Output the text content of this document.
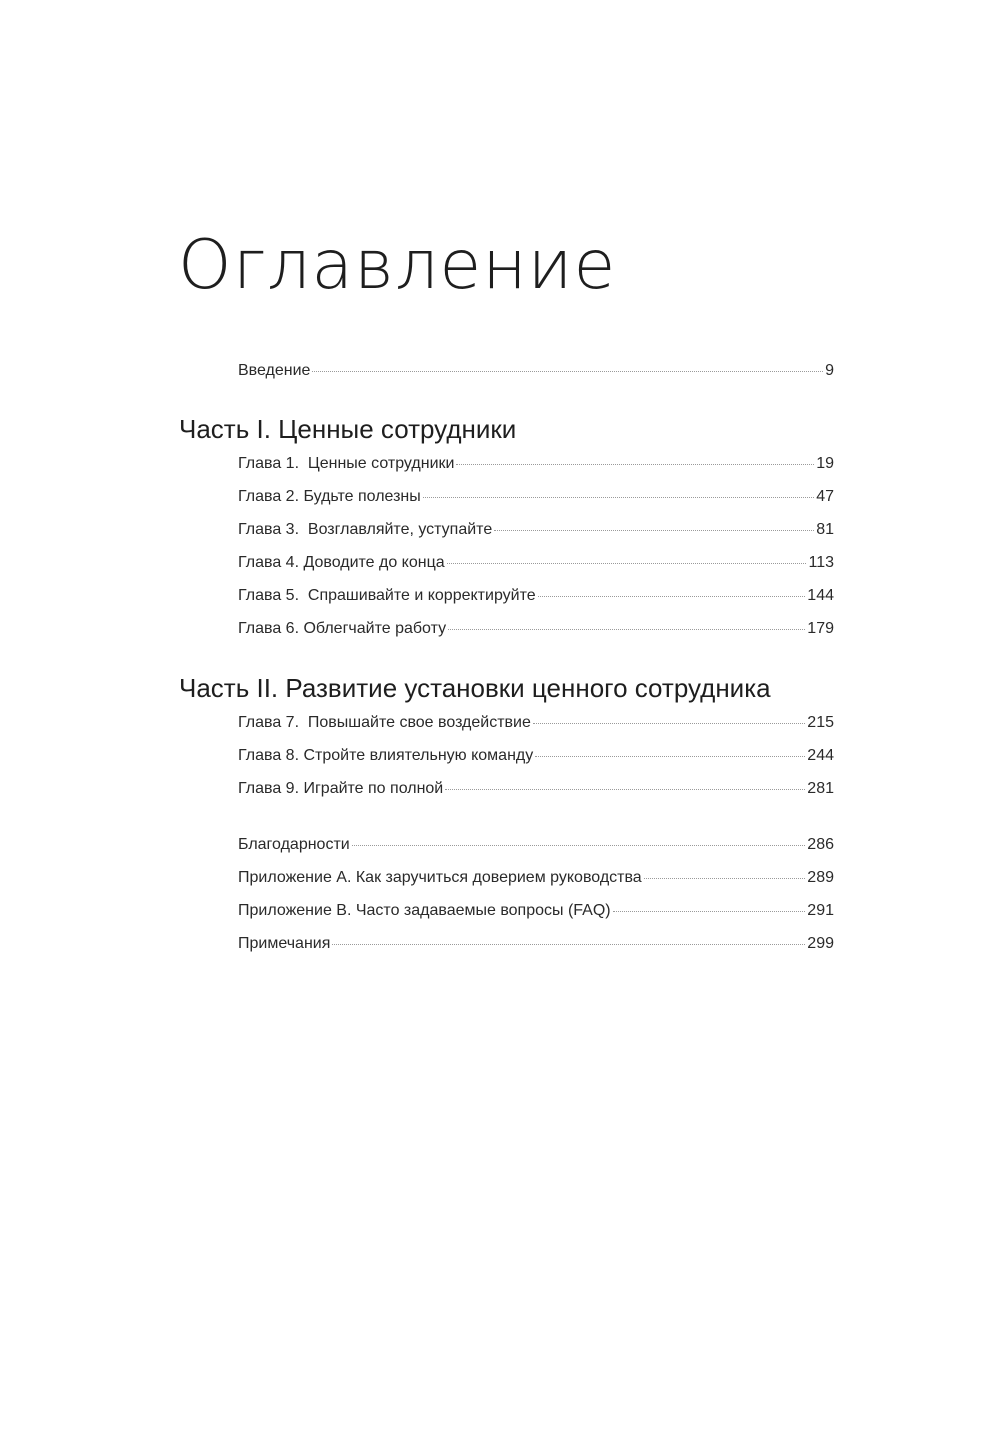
Оглавление
Введение	9
Часть I. Ценные сотрудники
Глава 1.  Ценные сотрудники	19
Глава 2. Будьте полезны	47
Глава 3.  Возглавляйте, уступайте	81
Глава 4. Доводите до конца	113
Глава 5.  Спрашивайте и корректируйте	144
Глава 6. Облегчайте работу	179
Часть II. Развитие установки ценного сотрудника
Глава 7.  Повышайте свое воздействие	215
Глава 8. Стройте влиятельную команду	244
Глава 9. Играйте по полной	281
Благодарности	286
Приложение А. Как заручиться доверием руководства	289
Приложение B. Часто задаваемые вопросы (FAQ)	291
Примечания	299
